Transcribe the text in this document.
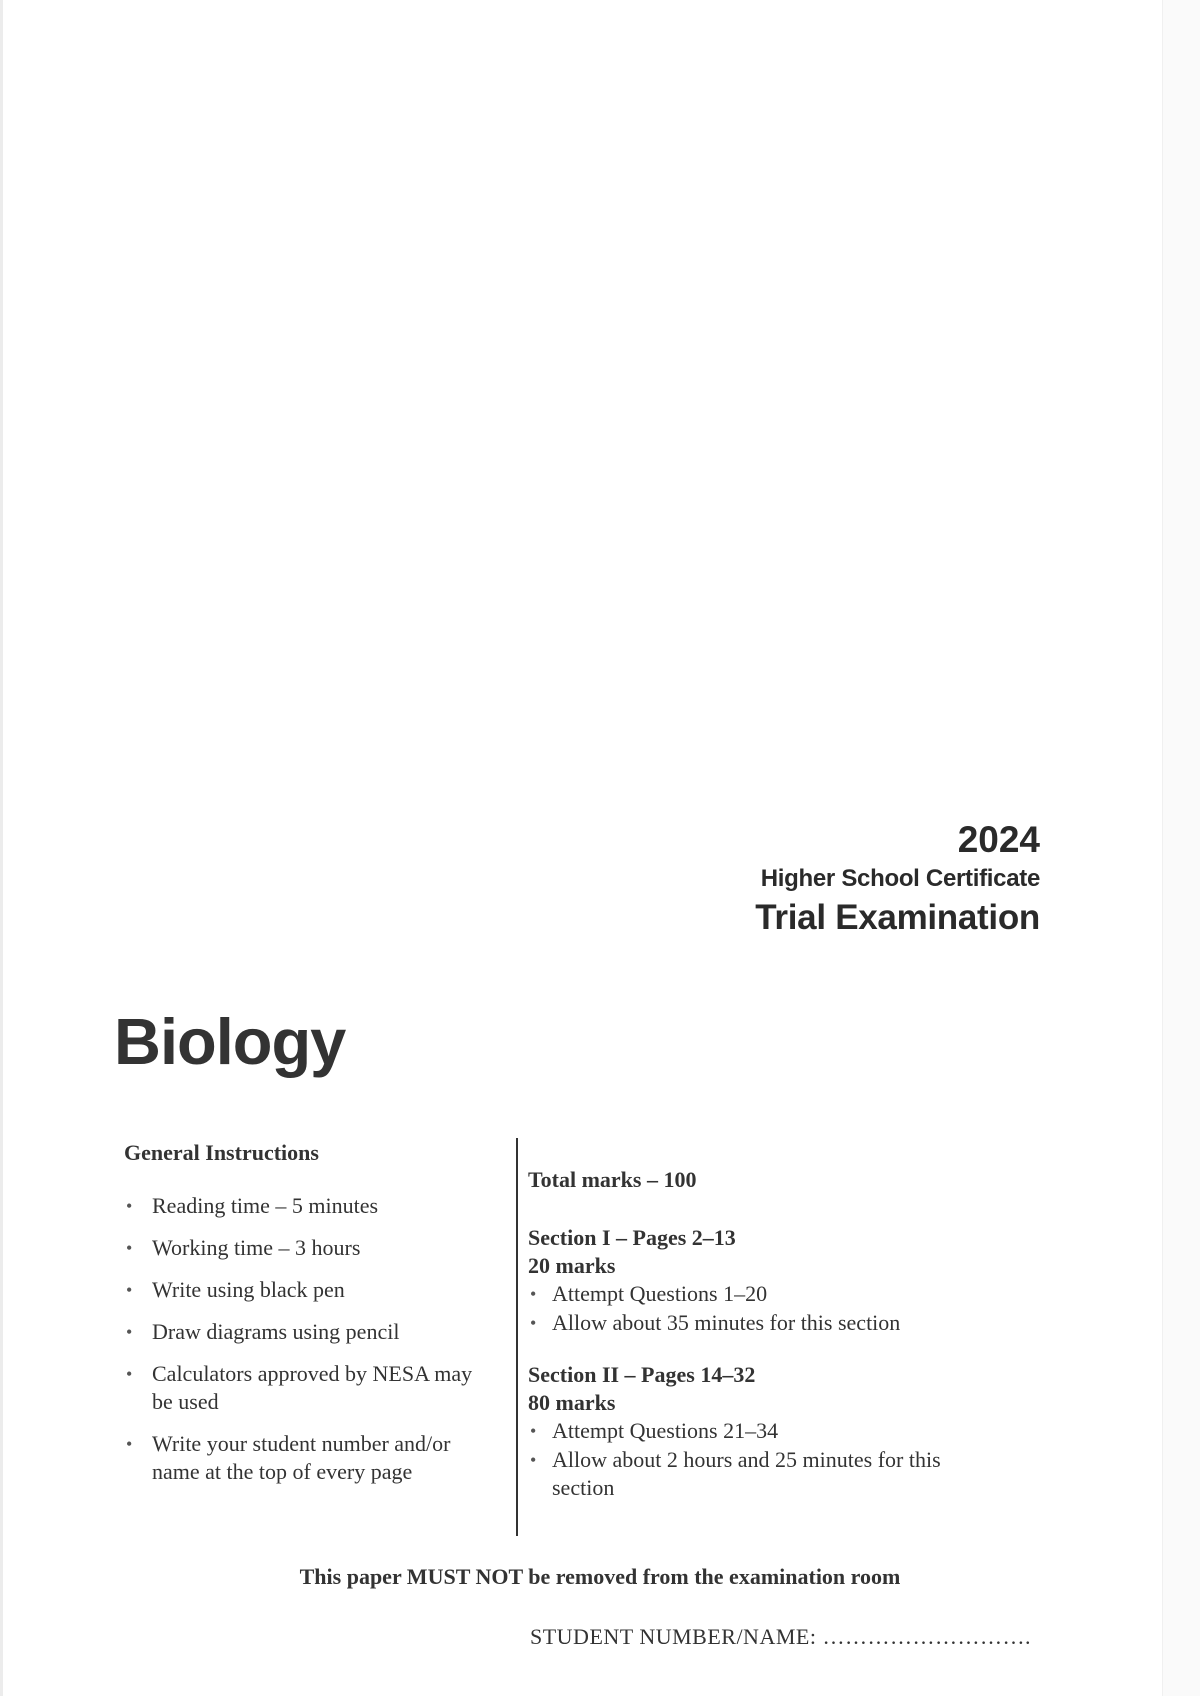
2024
Higher School Certificate
Trial Examination
Biology
General Instructions
• Reading time – 5 minutes
• Working time – 3 hours
• Write using black pen
• Draw diagrams using pencil
• Calculators approved by NESA may be used
• Write your student number and/or name at the top of every page
Total marks – 100
Section I – Pages 2–13
20 marks
• Attempt Questions 1–20
• Allow about 35 minutes for this section
Section II – Pages 14–32
80 marks
• Attempt Questions 21–34
• Allow about 2 hours and 25 minutes for this section
This paper MUST NOT be removed from the examination room
STUDENT NUMBER/NAME: ……………………….
